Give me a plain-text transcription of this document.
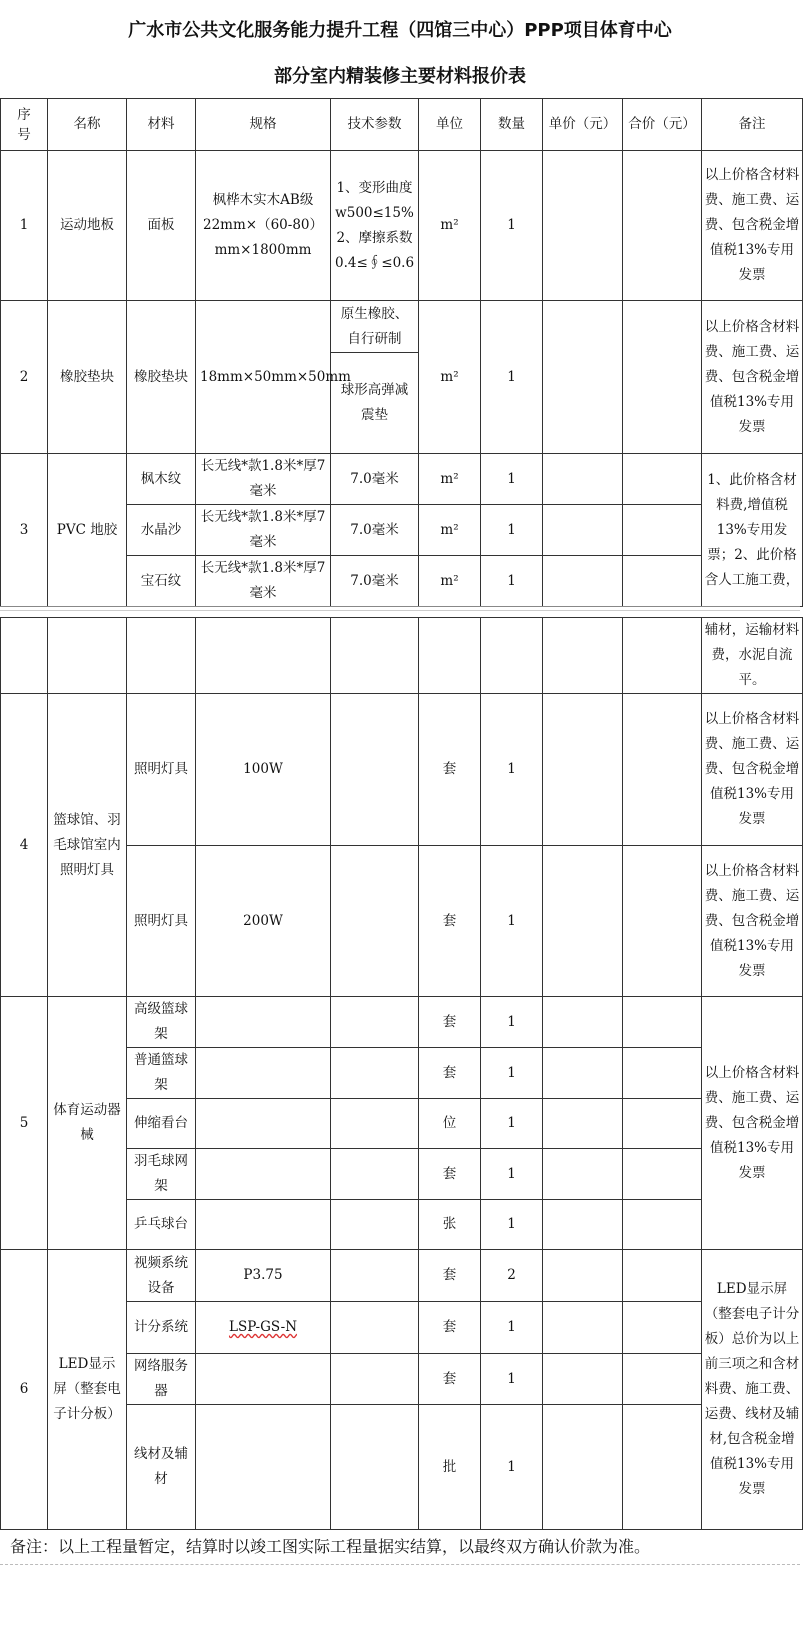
广水市公共文化服务能力提升工程（四馆三中心）PPP项目体育中心
部分室内精装修主要材料报价表
序号	名称	材料	规格	技术参数	单位	数量	单价（元）	合价（元）	备注
1	运动地板	面板	枫桦木实木AB级22mm×（60-80）mm×1800mm	1、变形曲度w500≤15% 2、摩擦系数0.4≤∮≤0.6	m²	1			以上价格含材料费、施工费、运费、包含税金增值税13%专用发票
2	橡胶垫块	橡胶垫块	18mm×50mm×50mm	原生橡胶、自行研制	m²	1			以上价格含材料费、施工费、运费、包含税金增值税13%专用发票
				球形高弹减震垫					
3	PVC 地胶	枫木纹	长无线*款1.8米*厚7毫米	7.0毫米	m²	1			1、此价格含材料费,增值税13%专用发票；2、此价格含人工施工费，
		水晶沙	长无线*款1.8米*厚7毫米	7.0毫米	m²	1			
		宝石纹	长无线*款1.8米*厚7毫米	7.0毫米	m²	1			
									辅材，运输材料费，水泥自流平。
4	篮球馆、羽毛球馆室内照明灯具	照明灯具	100W		套	1			以上价格含材料费、施工费、运费、包含税金增值税13%专用发票
		照明灯具	200W		套	1			以上价格含材料费、施工费、运费、包含税金增值税13%专用发票
5	体育运动器械	高级篮球架			套	1			以上价格含材料费、施工费、运费、包含税金增值税13%专用发票
		普通篮球架			套	1			
		伸缩看台			位	1			
		羽毛球网架			套	1			
		乒乓球台			张	1			
6	LED显示屏（整套电子计分板）	视频系统设备	P3.75		套	2			LED显示屏（整套电子计分板）总价为以上前三项之和含材料费、施工费、运费、线材及辅材,包含税金增值税13%专用发票
		计分系统	LSP-GS-N		套	1			
		网络服务器			套	1			
		线材及辅材			批	1			
备注：以上工程量暂定，结算时以竣工图实际工程量据实结算，以最终双方确认价款为准。
